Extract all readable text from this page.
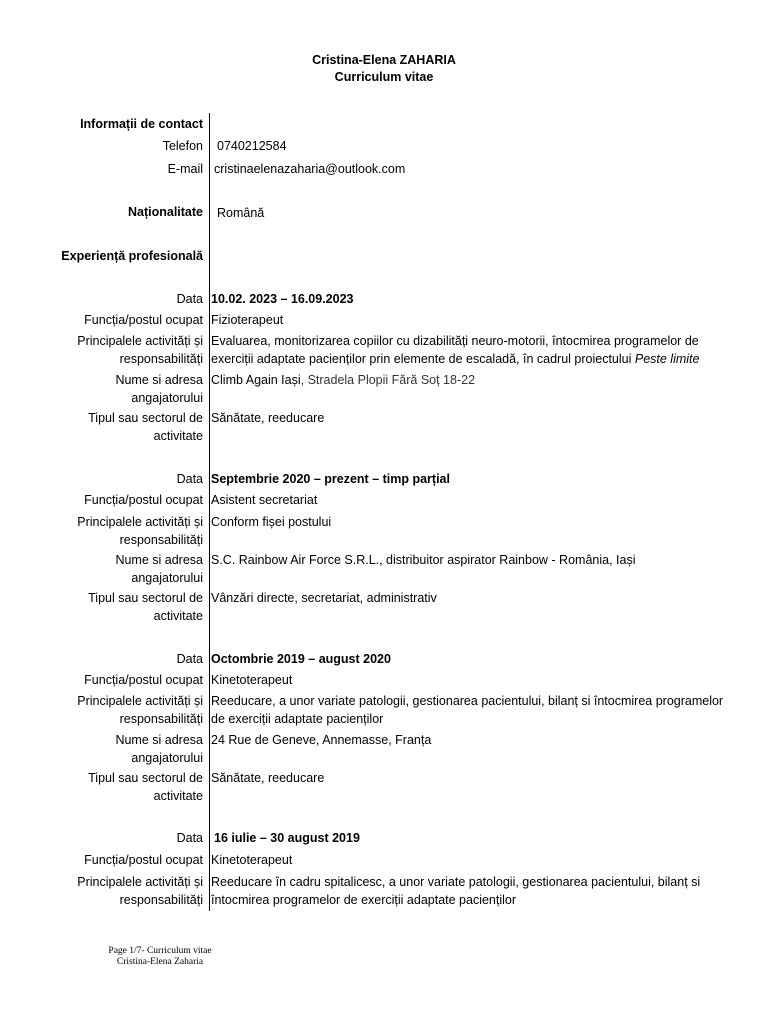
Cristina-Elena ZAHARIA
Curriculum vitae
Informații de contact
Telefon 0740212584
E-mail cristinaelenazaharia@outlook.com
Naționalitate Română
Experiență profesională
Data 10.02. 2023 – 16.09.2023
Funcția/postul ocupat Fizioterapeut
Principalele activități și
responsabilități
Evaluarea, monitorizarea copiilor cu dizabilități neuro-motorii, întocmirea programelor de
exerciții adaptate pacienților prin elemente de escaladă, în cadrul proiectului Peste limite
Nume si adresa
angajatorului
Climb Again Iași, Stradela Plopii Fără Soț 18-22
Tipul sau sectorul de
activitate
Sănătate, reeducare
Data Septembrie 2020 – prezent – timp parțial
Funcția/postul ocupat Asistent secretariat
Principalele activități și
responsabilități
Conform fișei postului
Nume si adresa
angajatorului
S.C. Rainbow Air Force S.R.L., distribuitor aspirator Rainbow - România, Iași
Tipul sau sectorul de
activitate
Vânzări directe, secretariat, administrativ
Data Octombrie 2019 – august 2020
Funcția/postul ocupat Kinetoterapeut
Principalele activități și
responsabilități
Reeducare, a unor variate patologii, gestionarea pacientului, bilanț si întocmirea programelor
de exerciții adaptate pacienților
Nume si adresa
angajatorului
24 Rue de Geneve, Annemasse, Franța
Tipul sau sectorul de
activitate
Sănătate, reeducare
Data 16 iulie – 30 august 2019
Funcția/postul ocupat Kinetoterapeut
Principalele activități și
responsabilități
Reeducare în cadru spitalicesc, a unor variate patologii, gestionarea pacientului, bilanț si
întocmirea programelor de exerciții adaptate pacienților
Page 1/7- Curriculum vitae
Cristina-Elena Zaharia
